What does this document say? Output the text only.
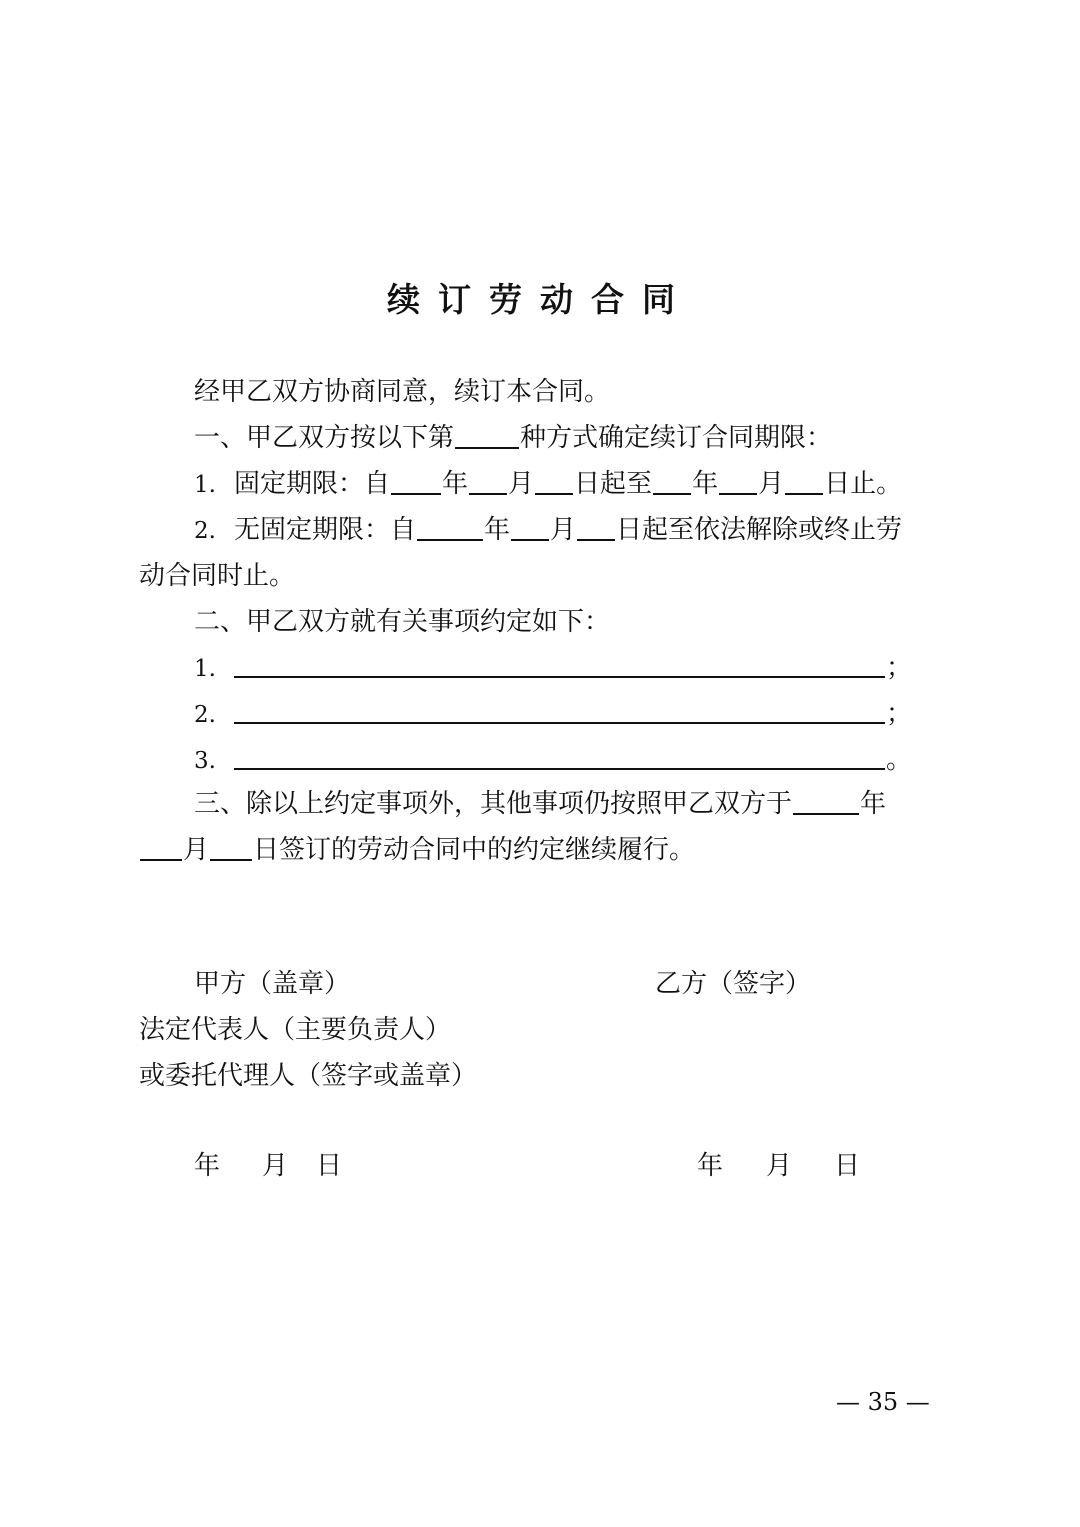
续订劳动合同
经甲乙双方协商同意，续订本合同。
一、甲乙双方按以下第	种方式确定续订合同期限：
1. 固定期限：自 年 月 日起至 年 月 日止。
2. 无固定期限：自	年 月 日起至依法解除或终止劳
动合同时止。
二、甲乙双方就有关事项约定如下：
1.	；
2.	；
3.	。
三、除以上约定事项外，其他事项仍按照甲乙双方于	年
月 日签订的劳动合同中的约定继续履行。
甲方（盖章）	乙方（签字）
法定代表人（主要负责人）
或委托代理人（签字或盖章）
年 月 日	年 月 日
— 35 —
